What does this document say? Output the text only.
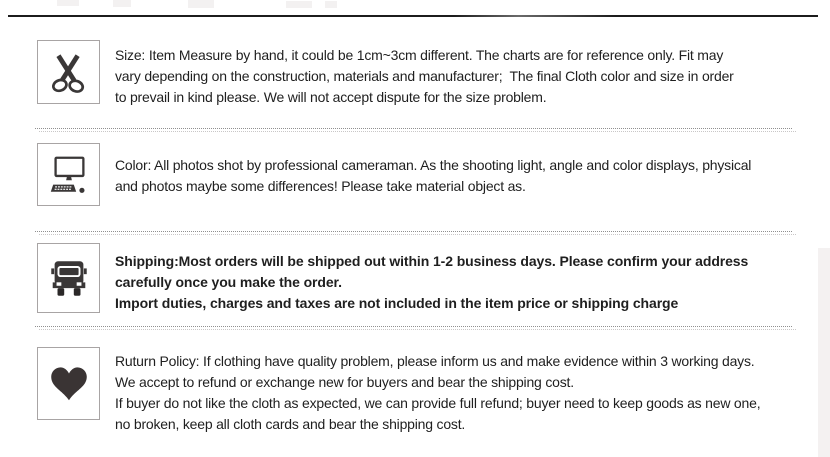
Size: Item Measure by hand, it could be 1cm~3cm different. The charts are for reference only. Fit may
vary depending on the construction, materials and manufacturer;  The final Cloth color and size in order
to prevail in kind please. We will not accept dispute for the size problem.
Color: All photos shot by professional cameraman. As the shooting light, angle and color displays, physical
and photos maybe some differences! Please take material object as.
Shipping:Most orders will be shipped out within 1-2 business days. Please confirm your address
carefully once you make the order.
Import duties, charges and taxes are not included in the item price or shipping charge
Ruturn Policy: If clothing have quality problem, please inform us and make evidence within 3 working days.
We accept to refund or exchange new for buyers and bear the shipping cost.
If buyer do not like the cloth as expected, we can provide full refund; buyer need to keep goods as new one,
no broken, keep all cloth cards and bear the shipping cost.
